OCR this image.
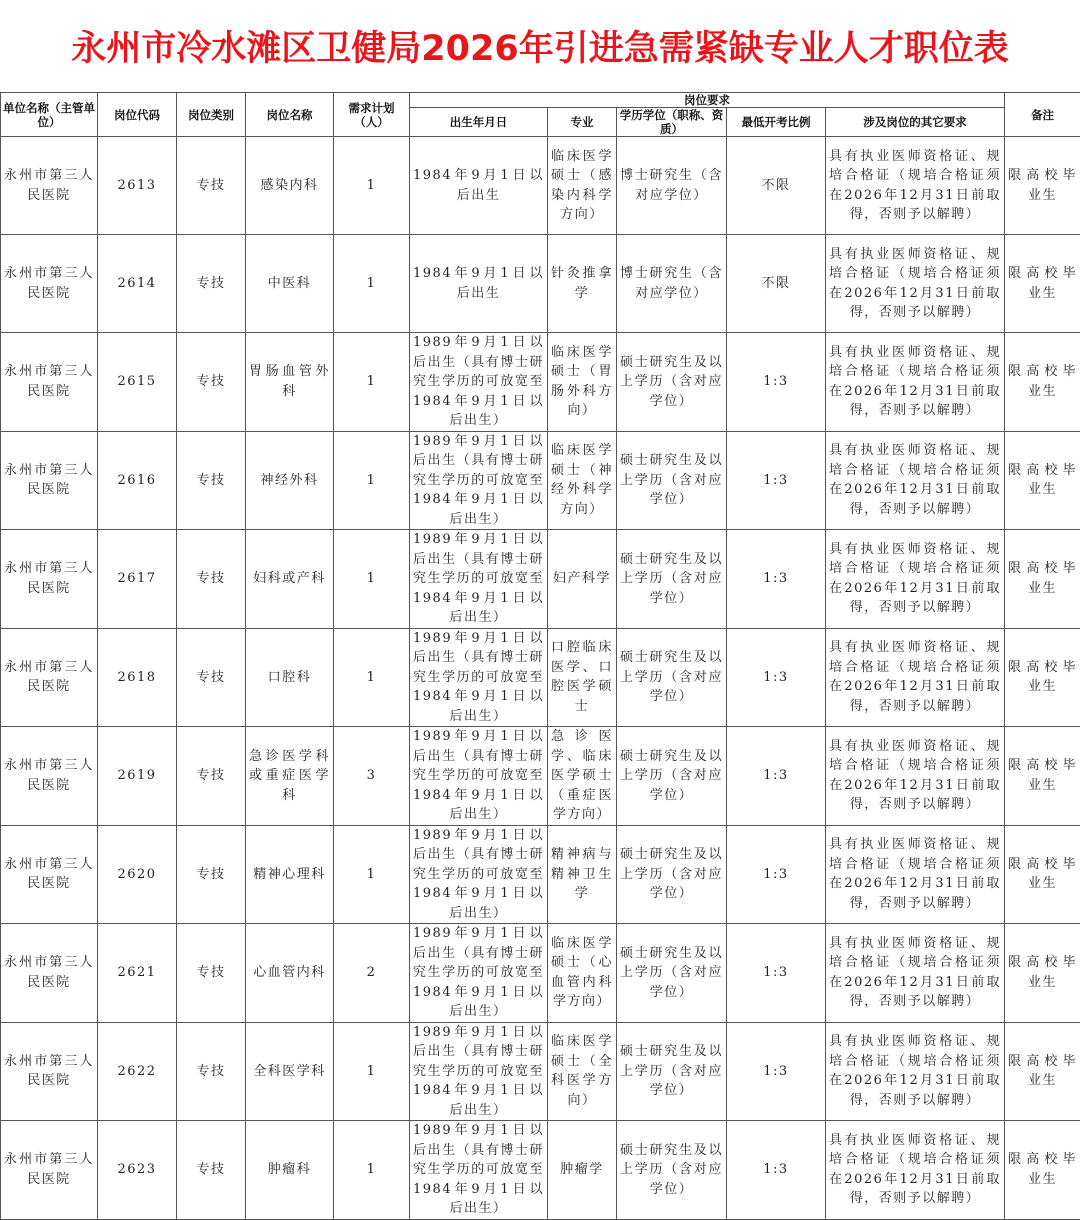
永州市冷水滩区卫健局2026年引进急需紧缺专业人才职位表
单位名称（主管单位）	岗位代码	岗位类别	岗位名称	需求计划（人）	岗位要求					备注
					出生年月日	专业	学历学位（职称、资质）	最低开考比例	涉及岗位的其它要求	
永州市第三人民医院	2613	专技	感染内科	1	1984年9月1日以后出生	临床医学硕士（感染内科学方向）	博士研究生（含对应学位）	不限	具有执业医师资格证、规培合格证（规培合格证须在2026年12月31日前取得，否则予以解聘）	限高校毕业生
永州市第三人民医院	2614	专技	中医科	1	1984年9月1日以后出生	针灸推拿学	博士研究生（含对应学位）	不限	具有执业医师资格证、规培合格证（规培合格证须在2026年12月31日前取得，否则予以解聘）	限高校毕业生
永州市第三人民医院	2615	专技	胃肠血管外科	1	1989年9月1日以后出生（具有博士研究生学历的可放宽至1984年9月1日以后出生）	临床医学硕士（胃肠外科方向）	硕士研究生及以上学历（含对应学位）	1:3	具有执业医师资格证、规培合格证（规培合格证须在2026年12月31日前取得，否则予以解聘）	限高校毕业生
永州市第三人民医院	2616	专技	神经外科	1	1989年9月1日以后出生（具有博士研究生学历的可放宽至1984年9月1日以后出生）	临床医学硕士（神经外科学方向）	硕士研究生及以上学历（含对应学位）	1:3	具有执业医师资格证、规培合格证（规培合格证须在2026年12月31日前取得，否则予以解聘）	限高校毕业生
永州市第三人民医院	2617	专技	妇科或产科	1	1989年9月1日以后出生（具有博士研究生学历的可放宽至1984年9月1日以后出生）	妇产科学	硕士研究生及以上学历（含对应学位）	1:3	具有执业医师资格证、规培合格证（规培合格证须在2026年12月31日前取得，否则予以解聘）	限高校毕业生
永州市第三人民医院	2618	专技	口腔科	1	1989年9月1日以后出生（具有博士研究生学历的可放宽至1984年9月1日以后出生）	口腔临床医学、口腔医学硕士	硕士研究生及以上学历（含对应学位）	1:3	具有执业医师资格证、规培合格证（规培合格证须在2026年12月31日前取得，否则予以解聘）	限高校毕业生
永州市第三人民医院	2619	专技	急诊医学科或重症医学科	3	1989年9月1日以后出生（具有博士研究生学历的可放宽至1984年9月1日以后出生）	急诊医学、临床医学硕士（重症医学方向）	硕士研究生及以上学历（含对应学位）	1:3	具有执业医师资格证、规培合格证（规培合格证须在2026年12月31日前取得，否则予以解聘）	限高校毕业生
永州市第三人民医院	2620	专技	精神心理科	1	1989年9月1日以后出生（具有博士研究生学历的可放宽至1984年9月1日以后出生）	精神病与精神卫生学	硕士研究生及以上学历（含对应学位）	1:3	具有执业医师资格证、规培合格证（规培合格证须在2026年12月31日前取得，否则予以解聘）	限高校毕业生
永州市第三人民医院	2621	专技	心血管内科	2	1989年9月1日以后出生（具有博士研究生学历的可放宽至1984年9月1日以后出生）	临床医学硕士（心血管内科学方向）	硕士研究生及以上学历（含对应学位）	1:3	具有执业医师资格证、规培合格证（规培合格证须在2026年12月31日前取得，否则予以解聘）	限高校毕业生
永州市第三人民医院	2622	专技	全科医学科	1	1989年9月1日以后出生（具有博士研究生学历的可放宽至1984年9月1日以后出生）	临床医学硕士（全科医学方向）	硕士研究生及以上学历（含对应学位）	1:3	具有执业医师资格证、规培合格证（规培合格证须在2026年12月31日前取得，否则予以解聘）	限高校毕业生
永州市第三人民医院	2623	专技	肿瘤科	1	1989年9月1日以后出生（具有博士研究生学历的可放宽至1984年9月1日以后出生）	肿瘤学	硕士研究生及以上学历（含对应学位）	1:3	具有执业医师资格证、规培合格证（规培合格证须在2026年12月31日前取得，否则予以解聘）	限高校毕业生
